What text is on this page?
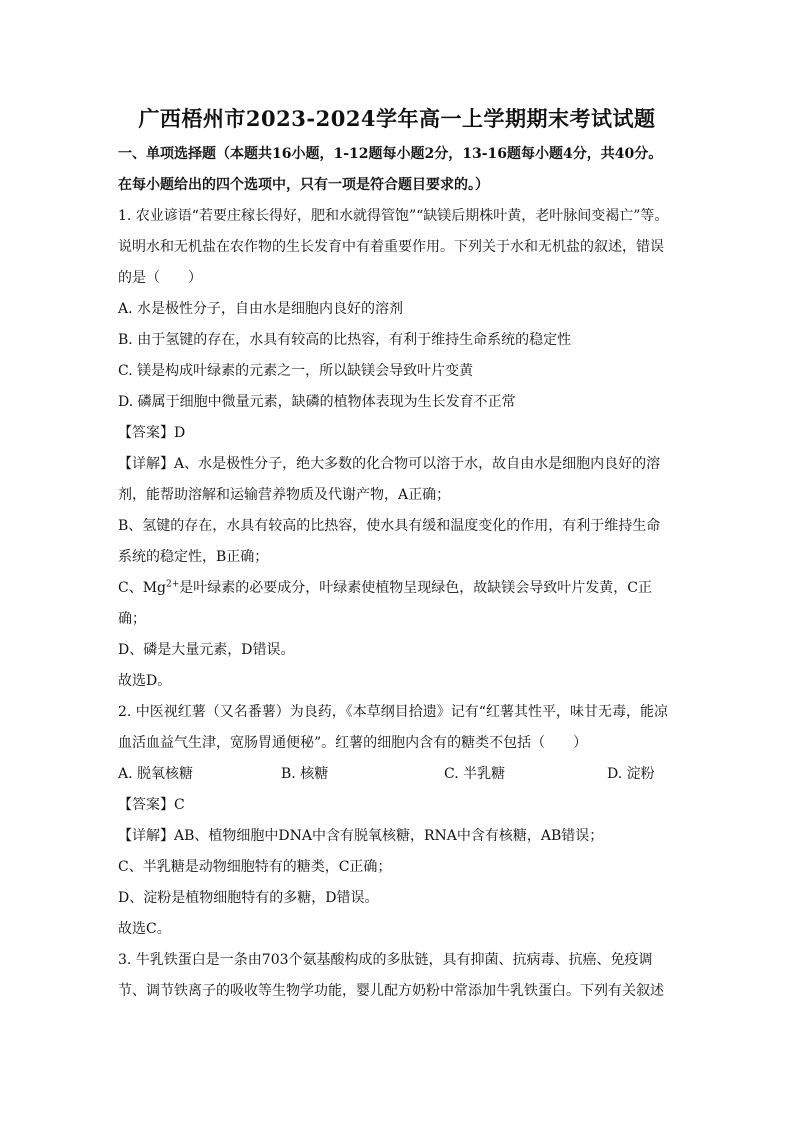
广西梧州市2023-2024学年高一上学期期末考试试题
一、单项选择题（本题共16小题，1-12题每小题2分，13-16题每小题4分，共40分。
在每小题给出的四个选项中，只有一项是符合题目要求的。）
1. 农业谚语“若要庄稼长得好，肥和水就得管饱”“缺镁后期株叶黄，老叶脉间变褐亡”等。
说明水和无机盐在农作物的生长发育中有着重要作用。下列关于水和无机盐的叙述，错误
的是（　　）
A. 水是极性分子，自由水是细胞内良好的溶剂
B. 由于氢键的存在，水具有较高的比热容，有利于维持生命系统的稳定性
C. 镁是构成叶绿素的元素之一，所以缺镁会导致叶片变黄
D. 磷属于细胞中微量元素，缺磷的植物体表现为生长发育不正常
【答案】D
【详解】A、水是极性分子，绝大多数的化合物可以溶于水，故自由水是细胞内良好的溶
剂，能帮助溶解和运输营养物质及代谢产物，A正确；
B、氢键的存在，水具有较高的比热容，使水具有缓和温度变化的作用，有利于维持生命
系统的稳定性，B正确；
C、$Mg^{2+}$是叶绿素的必要成分，叶绿素使植物呈现绿色，故缺镁会导致叶片发黄，C正
确；
D、磷是大量元素，D错误。
故选D。
2. 中医视红薯（又名番薯）为良药，《本草纲目拾遗》记有“红薯其性平，味甘无毒，能凉
血活血益气生津，宽肠胃通便秘”。红薯的细胞内含有的糖类不包括（　　）
A. 脱氧核糖	B. 核糖	C. 半乳糖	D. 淀粉
【答案】C
【详解】AB、植物细胞中DNA中含有脱氧核糖，RNA中含有核糖，AB错误；
C、半乳糖是动物细胞特有的糖类，C正确；
D、淀粉是植物细胞特有的多糖，D错误。
故选C。
3. 牛乳铁蛋白是一条由703个氨基酸构成的多肽链，具有抑菌、抗病毒、抗癌、免疫调
节、调节铁离子的吸收等生物学功能，婴儿配方奶粉中常添加牛乳铁蛋白。下列有关叙述
